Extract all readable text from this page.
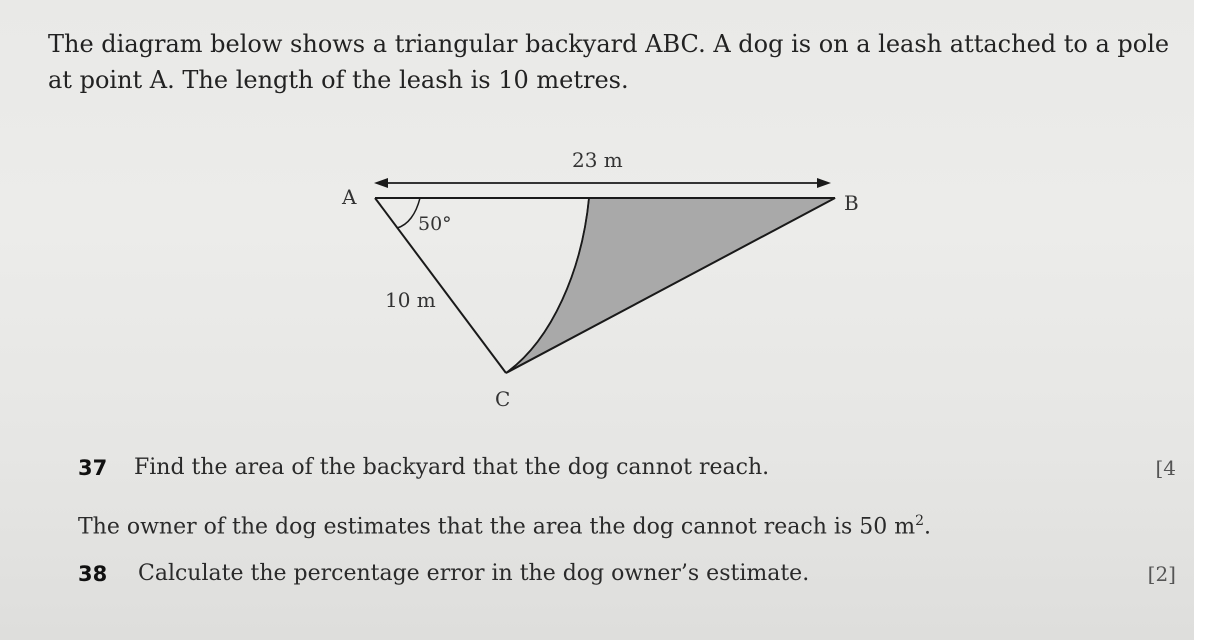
The diagram below shows a triangular backyard ABC. A dog is on a leash attached to a pole
at point A. The length of the leash is 10 metres.
A	B
C
23 m
10 m
50°
37 Find the area of the backyard that the dog cannot reach.	[4
The owner of the dog estimates that the area the dog cannot reach is 50 $m^2$.
38 Calculate the percentage error in the dog owner’s estimate.	[2]
